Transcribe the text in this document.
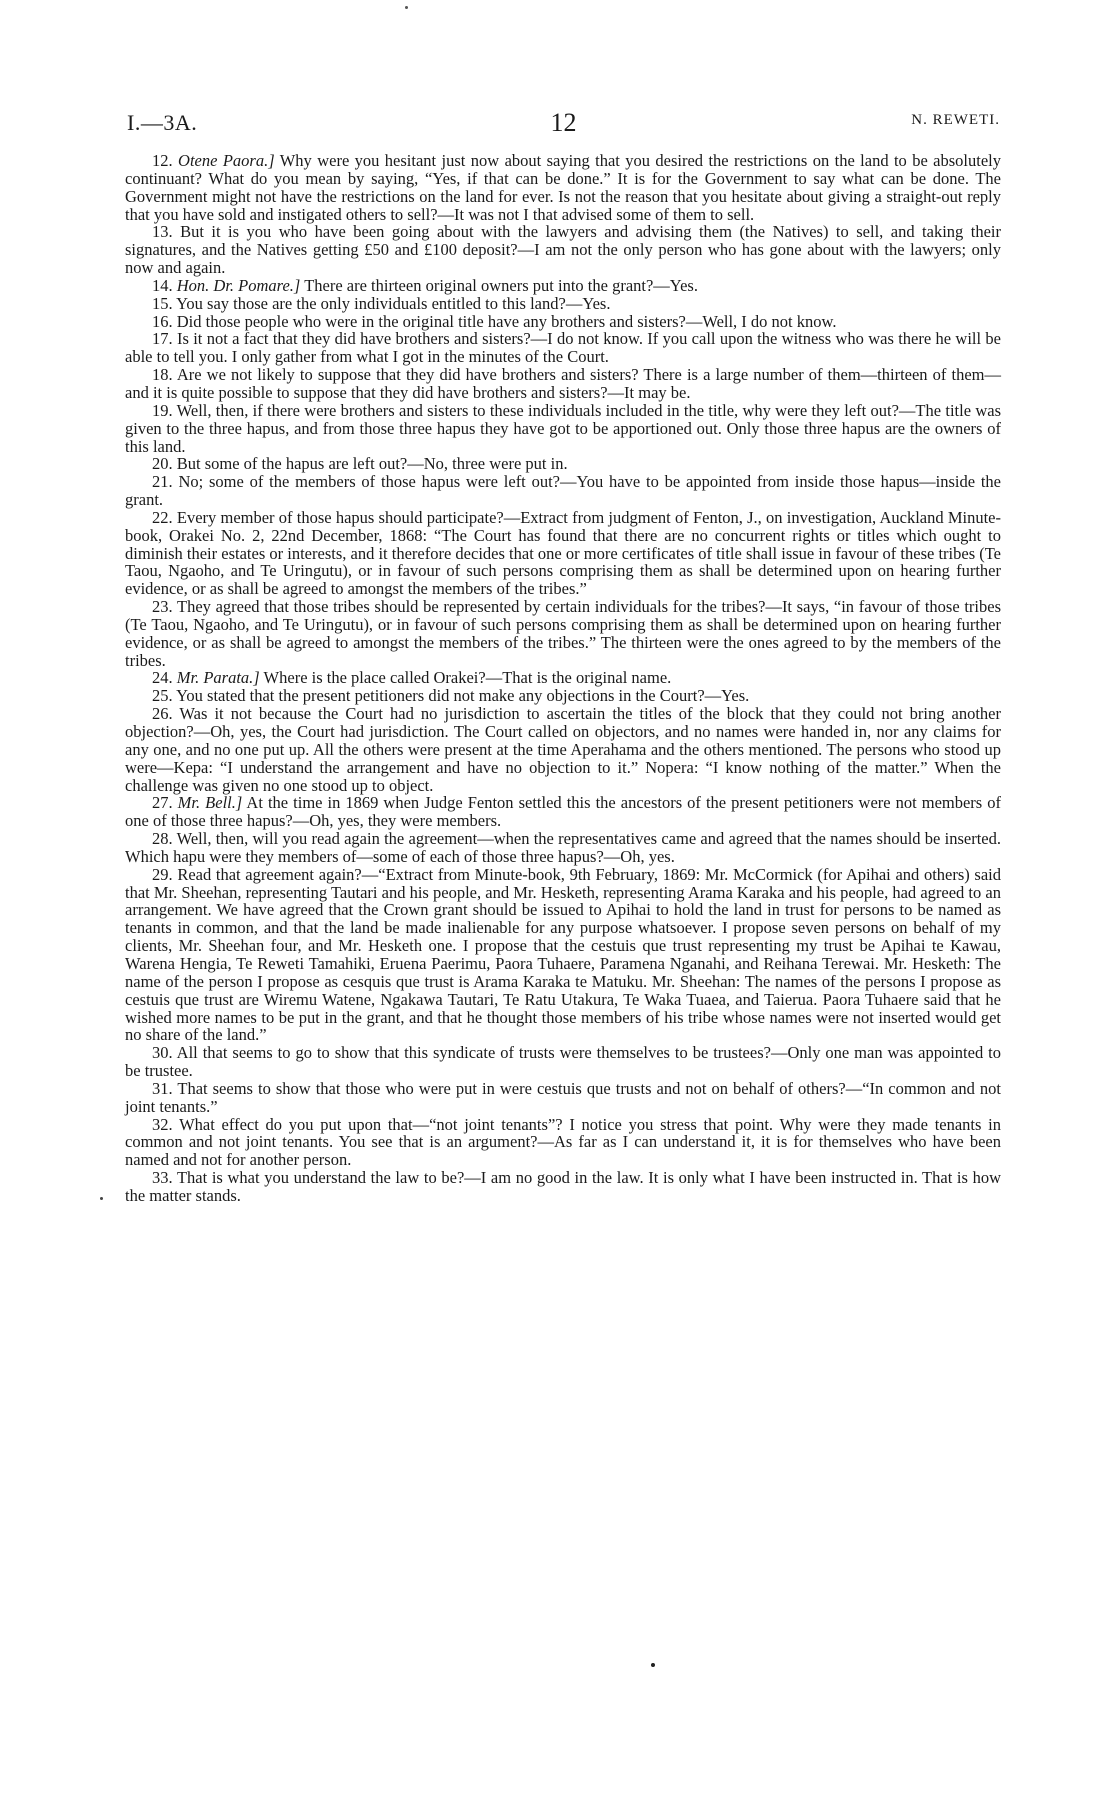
I.—3A.	12	N. REWETI.

12. Otene Paora.] Why were you hesitant just now about saying that you desired the restrictions on the land to be absolutely continuant? What do you mean by saying, “Yes, if that can be done.” It is for the Government to say what can be done. The Government might not have the restrictions on the land for ever. Is not the reason that you hesitate about giving a straight-out reply that you have sold and instigated others to sell?—It was not I that advised some of them to sell.

13. But it is you who have been going about with the lawyers and advising them (the Natives) to sell, and taking their signatures, and the Natives getting £50 and £100 deposit?—I am not the only person who has gone about with the lawyers; only now and again.

14. Hon. Dr. Pomare.] There are thirteen original owners put into the grant?—Yes.

15. You say those are the only individuals entitled to this land?—Yes.

16. Did those people who were in the original title have any brothers and sisters?—Well, I do not know.

17. Is it not a fact that they did have brothers and sisters?—I do not know. If you call upon the witness who was there he will be able to tell you. I only gather from what I got in the minutes of the Court.

18. Are we not likely to suppose that they did have brothers and sisters? There is a large number of them—thirteen of them—and it is quite possible to suppose that they did have brothers and sisters?—It may be.

19. Well, then, if there were brothers and sisters to these individuals included in the title, why were they left out?—The title was given to the three hapus, and from those three hapus they have got to be apportioned out. Only those three hapus are the owners of this land.

20. But some of the hapus are left out?—No, three were put in.

21. No; some of the members of those hapus were left out?—You have to be appointed from inside those hapus—inside the grant.

22. Every member of those hapus should participate?—Extract from judgment of Fenton, J., on investigation, Auckland Minute-book, Orakei No. 2, 22nd December, 1868: “The Court has found that there are no concurrent rights or titles which ought to diminish their estates or interests, and it therefore decides that one or more certificates of title shall issue in favour of these tribes (Te Taou, Ngaoho, and Te Uringutu), or in favour of such persons comprising them as shall be determined upon on hearing further evidence, or as shall be agreed to amongst the members of the tribes.”

23. They agreed that those tribes should be represented by certain individuals for the tribes?—It says, “in favour of those tribes (Te Taou, Ngaoho, and Te Uringutu), or in favour of such persons comprising them as shall be determined upon on hearing further evidence, or as shall be agreed to amongst the members of the tribes.” The thirteen were the ones agreed to by the members of the tribes.

24. Mr. Parata.] Where is the place called Orakei?—That is the original name.

25. You stated that the present petitioners did not make any objections in the Court?—Yes.

26. Was it not because the Court had no jurisdiction to ascertain the titles of the block that they could not bring another objection?—Oh, yes, the Court had jurisdiction. The Court called on objectors, and no names were handed in, nor any claims for any one, and no one put up. All the others were present at the time Aperahama and the others mentioned. The persons who stood up were—Kepa: “I understand the arrangement and have no objection to it.” Nopera: “I know nothing of the matter.” When the challenge was given no one stood up to object.

27. Mr. Bell.] At the time in 1869 when Judge Fenton settled this the ancestors of the present petitioners were not members of one of those three hapus?—Oh, yes, they were members.

28. Well, then, will you read again the agreement—when the representatives came and agreed that the names should be inserted. Which hapu were they members of—some of each of those three hapus?—Oh, yes.

29. Read that agreement again?—“Extract from Minute-book, 9th February, 1869: Mr. McCormick (for Apihai and others) said that Mr. Sheehan, representing Tautari and his people, and Mr. Hesketh, representing Arama Karaka and his people, had agreed to an arrangement. We have agreed that the Crown grant should be issued to Apihai to hold the land in trust for persons to be named as tenants in common, and that the land be made inalienable for any purpose whatsoever. I propose seven persons on behalf of my clients, Mr. Sheehan four, and Mr. Hesketh one. I propose that the cestuis que trust representing my trust be Apihai te Kawau, Warena Hengia, Te Reweti Tamahiki, Eruena Paerimu, Paora Tuhaere, Paramena Nganahi, and Reihana Terewai. Mr. Hesketh: The name of the person I propose as cesquis que trust is Arama Karaka te Matuku. Mr. Sheehan: The names of the persons I propose as cestuis que trust are Wiremu Watene, Ngakawa Tautari, Te Ratu Utakura, Te Waka Tuaea, and Taierua. Paora Tuhaere said that he wished more names to be put in the grant, and that he thought those members of his tribe whose names were not inserted would get no share of the land.”

30. All that seems to go to show that this syndicate of trusts were themselves to be trustees?—Only one man was appointed to be trustee.

31. That seems to show that those who were put in were cestuis que trusts and not on behalf of others?—“In common and not joint tenants.”

32. What effect do you put upon that—“not joint tenants”? I notice you stress that point. Why were they made tenants in common and not joint tenants. You see that is an argument?—As far as I can understand it, it is for themselves who have been named and not for another person.

33. That is what you understand the law to be?—I am no good in the law. It is only what I have been instructed in. That is how the matter stands.
